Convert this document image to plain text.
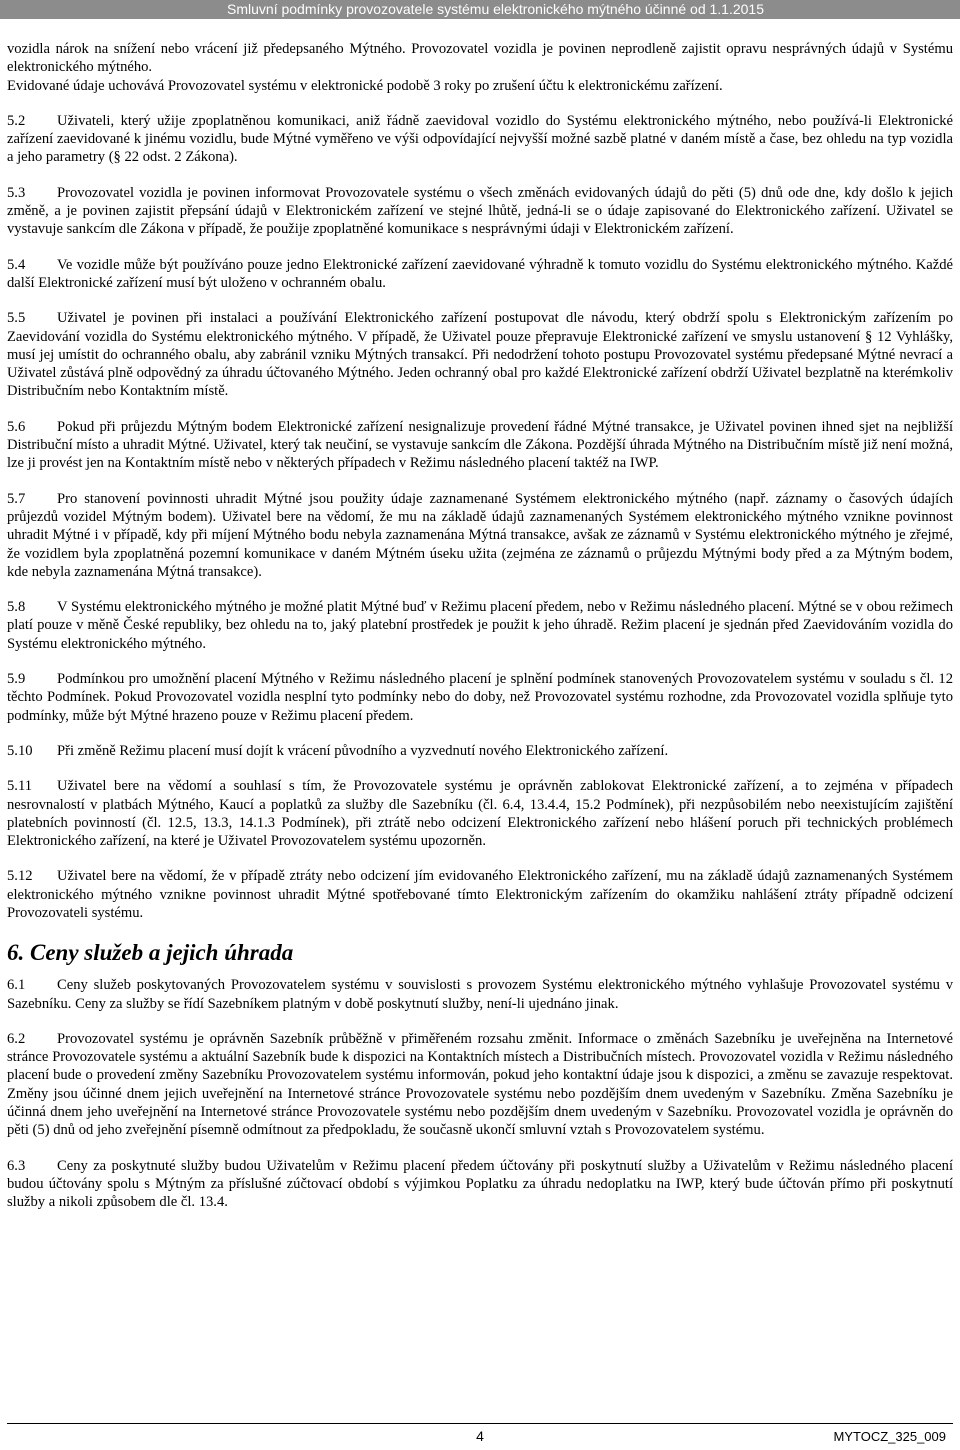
Smluvní podmínky provozovatele systému elektronického mýtného účinné od 1.1.2015

vozidla nárok na snížení nebo vrácení již předepsaného Mýtného. Provozovatel vozidla je povinen neprodleně zajistit opravu nesprávných údajů v Systému elektronického mýtného.

Evidované údaje uchovává Provozovatel systému v elektronické podobě 3 roky po zrušení účtu k elektronickému zařízení.

5.2 Uživateli, který užije zpoplatněnou komunikaci, aniž řádně zaevidoval vozidlo do Systému elektronického mýtného, nebo používá-li Elektronické zařízení zaevidované k jinému vozidlu, bude Mýtné vyměřeno ve výši odpovídající nejvyšší možné sazbě platné v daném místě a čase, bez ohledu na typ vozidla a jeho parametry (§ 22 odst. 2 Zákona).

5.3 Provozovatel vozidla je povinen informovat Provozovatele systému o všech změnách evidovaných údajů do pěti (5) dnů ode dne, kdy došlo k jejich změně, a je povinen zajistit přepsání údajů v Elektronickém zařízení ve stejné lhůtě, jedná-li se o údaje zapisované do Elektronického zařízení. Uživatel se vystavuje sankcím dle Zákona v případě, že použije zpoplatněné komunikace s nesprávnými údaji v Elektronickém zařízení.

5.4 Ve vozidle může být používáno pouze jedno Elektronické zařízení zaevidované výhradně k tomuto vozidlu do Systému elektronického mýtného. Každé další Elektronické zařízení musí být uloženo v ochranném obalu.

5.5 Uživatel je povinen při instalaci a používání Elektronického zařízení postupovat dle návodu, který obdrží spolu s Elektronickým zařízením po Zaevidování vozidla do Systému elektronického mýtného. V případě, že Uživatel pouze přepravuje Elektronické zařízení ve smyslu ustanovení § 12 Vyhlášky, musí jej umístit do ochranného obalu, aby zabránil vzniku Mýtných transakcí. Při nedodržení tohoto postupu Provozovatel systému předepsané Mýtné nevrací a Uživatel zůstává plně odpovědný za úhradu účtovaného Mýtného. Jeden ochranný obal pro každé Elektronické zařízení obdrží Uživatel bezplatně na kterémkoliv Distribučním nebo Kontaktním místě.

5.6 Pokud při průjezdu Mýtným bodem Elektronické zařízení nesignalizuje provedení řádné Mýtné transakce, je Uživatel povinen ihned sjet na nejbližší Distribuční místo a uhradit Mýtné. Uživatel, který tak neučiní, se vystavuje sankcím dle Zákona. Pozdější úhrada Mýtného na Distribučním místě již není možná, lze ji provést jen na Kontaktním místě nebo v některých případech v Režimu následného placení taktéž na IWP.

5.7 Pro stanovení povinnosti uhradit Mýtné jsou použity údaje zaznamenané Systémem elektronického mýtného (např. záznamy o časových údajích průjezdů vozidel Mýtným bodem). Uživatel bere na vědomí, že mu na základě údajů zaznamenaných Systémem elektronického mýtného vznikne povinnost uhradit Mýtné i v případě, kdy při míjení Mýtného bodu nebyla zaznamenána Mýtná transakce, avšak ze záznamů v Systému elektronického mýtného je zřejmé, že vozidlem byla zpoplatněná pozemní komunikace v daném Mýtném úseku užita (zejména ze záznamů o průjezdu Mýtnými body před a za Mýtným bodem, kde nebyla zaznamenána Mýtná transakce).

5.8 V Systému elektronického mýtného je možné platit Mýtné buď v Režimu placení předem, nebo v Režimu následného placení. Mýtné se v obou režimech platí pouze v měně České republiky, bez ohledu na to, jaký platební prostředek je použit k jeho úhradě. Režim placení je sjednán před Zaevidováním vozidla do Systému elektronického mýtného.

5.9 Podmínkou pro umožnění placení Mýtného v Režimu následného placení je splnění podmínek stanovených Provozovatelem systému v souladu s čl. 12 těchto Podmínek. Pokud Provozovatel vozidla nesplní tyto podmínky nebo do doby, než Provozovatel systému rozhodne, zda Provozovatel vozidla splňuje tyto podmínky, může být Mýtné hrazeno pouze v Režimu placení předem.

5.10 Při změně Režimu placení musí dojít k vrácení původního a vyzvednutí nového Elektronického zařízení.

5.11 Uživatel bere na vědomí a souhlasí s tím, že Provozovatele systému je oprávněn zablokovat Elektronické zařízení, a to zejména v případech nesrovnalostí v platbách Mýtného, Kaucí a poplatků za služby dle Sazebníku (čl. 6.4, 13.4.4, 15.2 Podmínek), při nezpůsobilém nebo neexistujícím zajištění platebních povinností (čl. 12.5, 13.3, 14.1.3 Podmínek), při ztrátě nebo odcizení Elektronického zařízení nebo hlášení poruch při technických problémech Elektronického zařízení, na které je Uživatel Provozovatelem systému upozorněn.

5.12 Uživatel bere na vědomí, že v případě ztráty nebo odcizení jím evidovaného Elektronického zařízení, mu na základě údajů zaznamenaných Systémem elektronického mýtného vznikne povinnost uhradit Mýtné spotřebované tímto Elektronickým zařízením do okamžiku nahlášení ztráty případně odcizení Provozovateli systému.

6. Ceny služeb a jejich úhrada

6.1 Ceny služeb poskytovaných Provozovatelem systému v souvislosti s provozem Systému elektronického mýtného vyhlašuje Provozovatel systému v Sazebníku. Ceny za služby se řídí Sazebníkem platným v době poskytnutí služby, není-li ujednáno jinak.

6.2 Provozovatel systému je oprávněn Sazebník průběžně v přiměřeném rozsahu změnit. Informace o změnách Sazebníku je uveřejněna na Internetové stránce Provozovatele systému a aktuální Sazebník bude k dispozici na Kontaktních místech a Distribučních místech. Provozovatel vozidla v Režimu následného placení bude o provedení změny Sazebníku Provozovatelem systému informován, pokud jeho kontaktní údaje jsou k dispozici, a změnu se zavazuje respektovat. Změny jsou účinné dnem jejich uveřejnění na Internetové stránce Provozovatele systému nebo pozdějším dnem uvedeným v Sazebníku. Změna Sazebníku je účinná dnem jeho uveřejnění na Internetové stránce Provozovatele systému nebo pozdějším dnem uvedeným v Sazebníku. Provozovatel vozidla je oprávněn do pěti (5) dnů od jeho zveřejnění písemně odmítnout za předpokladu, že současně ukončí smluvní vztah s Provozovatelem systému.

6.3 Ceny za poskytnuté služby budou Uživatelům v Režimu placení předem účtovány při poskytnutí služby a Uživatelům v Režimu následného placení budou účtovány spolu s Mýtným za příslušné zúčtovací období s výjimkou Poplatku za úhradu nedoplatku na IWP, který bude účtován přímo při poskytnutí služby a nikoli způsobem dle čl. 13.4.

4	MYTOCZ_325_009
